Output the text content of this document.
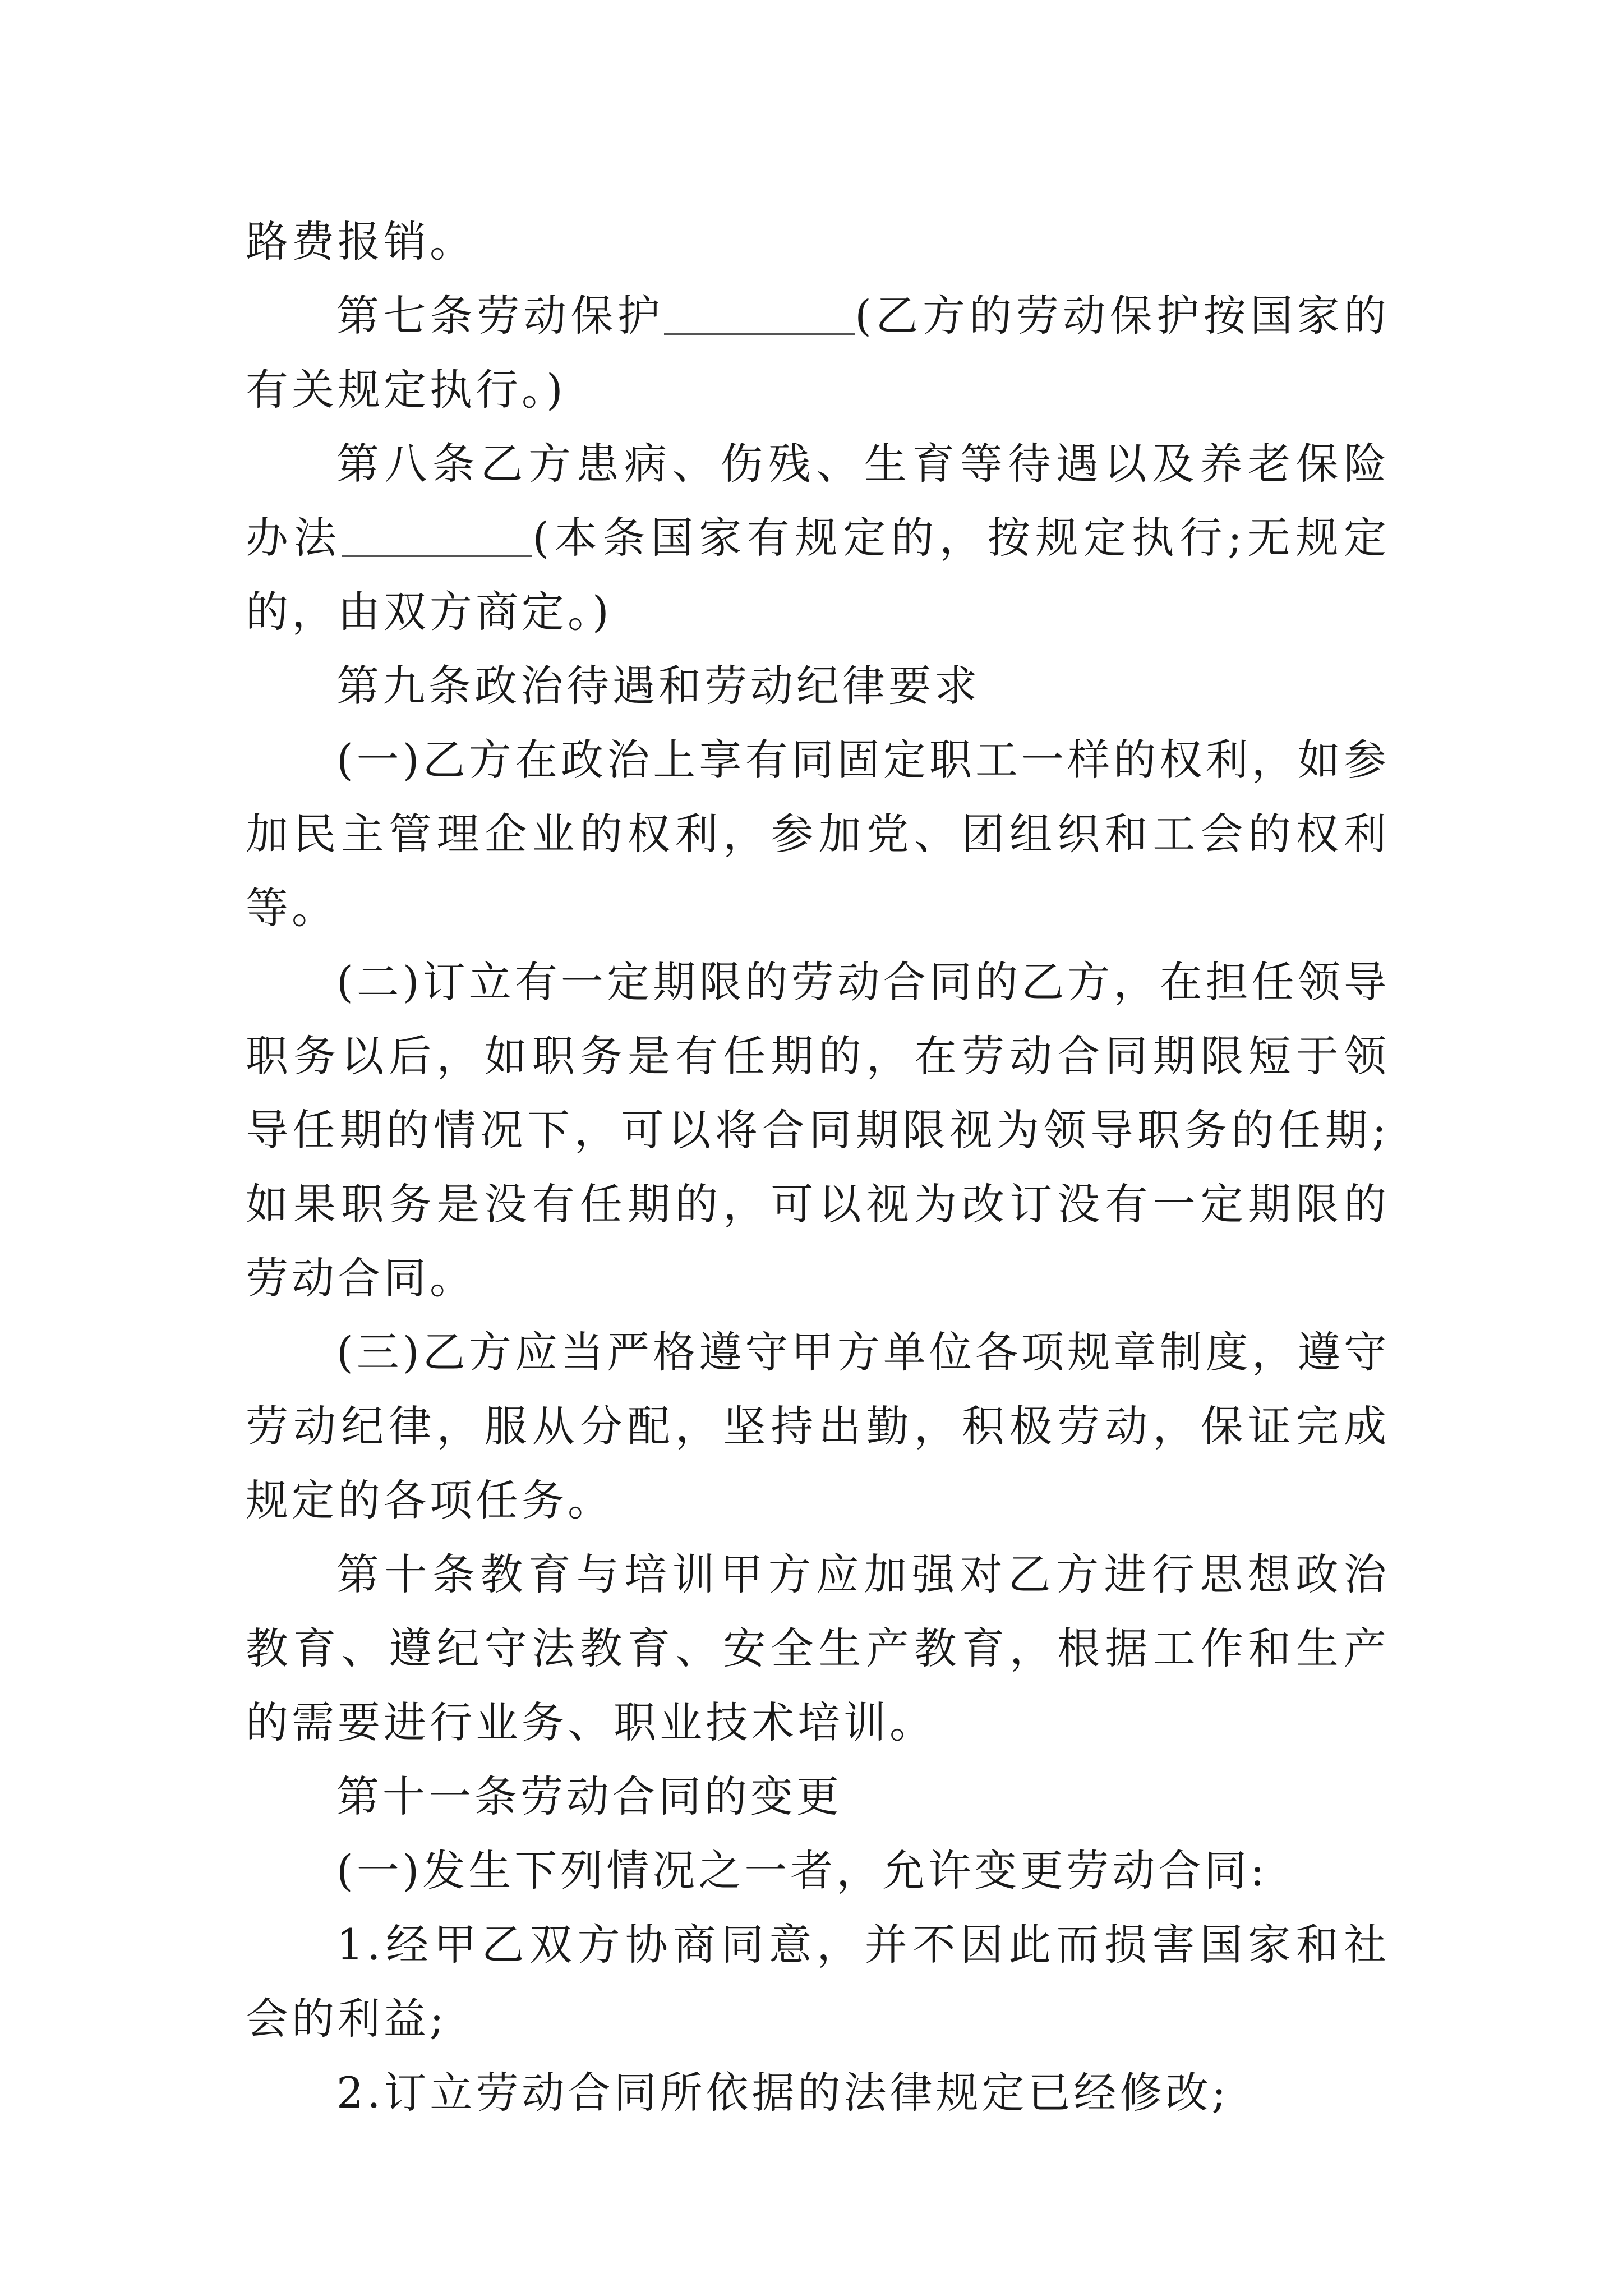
路费报销。

第七条劳动保护	(乙方的劳动保护按国家的有关规定执行。)

第八条乙方患病、伤残、生育等待遇以及养老保险办法	(本条国家有规定的，按规定执行;无规定的，由双方商定。)

第九条政治待遇和劳动纪律要求

(一)乙方在政治上享有同固定职工一样的权利，如参加民主管理企业的权利，参加党、团组织和工会的权利等。

(二)订立有一定期限的劳动合同的乙方，在担任领导职务以后，如职务是有任期的，在劳动合同期限短于领导任期的情况下，可以将合同期限视为领导职务的任期;如果职务是没有任期的，可以视为改订没有一定期限的劳动合同。

(三)乙方应当严格遵守甲方单位各项规章制度，遵守劳动纪律，服从分配，坚持出勤，积极劳动，保证完成规定的各项任务。

第十条教育与培训甲方应加强对乙方进行思想政治教育、遵纪守法教育、安全生产教育，根据工作和生产的需要进行业务、职业技术培训。

第十一条劳动合同的变更

(一)发生下列情况之一者，允许变更劳动合同:

1.经甲乙双方协商同意，并不因此而损害国家和社会的利益;

2.订立劳动合同所依据的法律规定已经修改;
